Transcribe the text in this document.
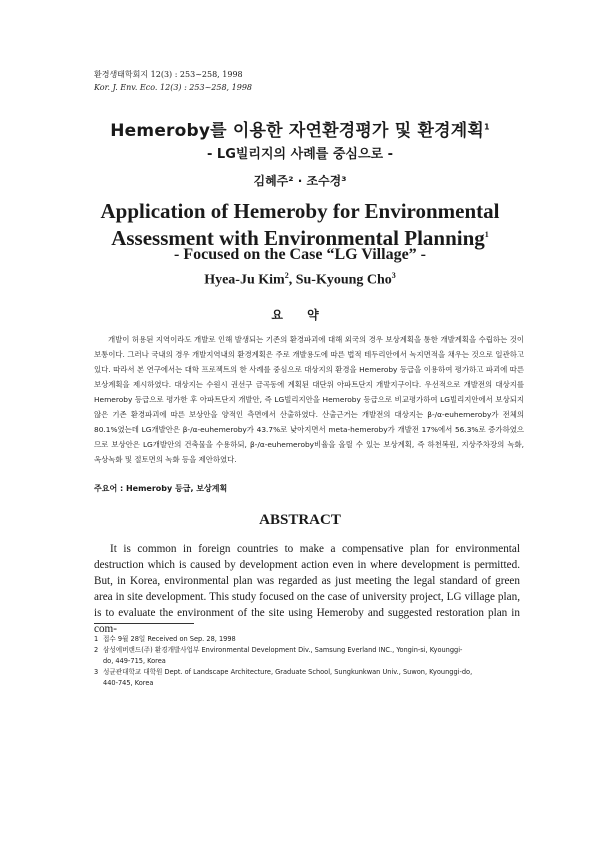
환경생태학회지 12(3) : 253~258, 1998
Kor. J. Env. Eco. 12(3) : 253~258, 1998
Hemeroby를 이용한 자연환경평가 및 환경계획$^1$
- LG빌리지의 사례를 중심으로 -
김혜주² · 조수경³
Application of Hemeroby for Environmental
Assessment with Environmental Planning$^1$
- Focused on the Case “LG Village” -
Hyea-Ju Kim$^2$, Su-Kyoung Cho$^3$
요 약
개발이 허용된 지역이라도 개발로 인해 발생되는 기존의 환경파괴에 대해 외국의 경우 보상계획을 통한 개발계획을 수립하는 것이 보통이다. 그러나 국내의 경우 개발지역내의 환경계획은 주로 개발용도에 따른 법적 테두리안에서 녹지면적을 채우는 것으로 일관하고 있다. 따라서 본 연구에서는 대학 프로젝트의 한 사례를 중심으로 대상지의 환경을 Hemeroby 등급을 이용하여 평가하고 파괴에 따른 보상계획을 제시하였다. 대상지는 수원시 권선구 금곡동에 계획된 대단위 아파트단지 개발지구이다. 우선적으로 개발전의 대상지를 Hemeroby 등급으로 평가한 후 아파트단지 개발안, 즉 LG빌리지안을 Hemeroby 등급으로 비교평가하여 LG빌리지안에서 보상되지 않은 기존 환경파괴에 따른 보상안을 양적인 측면에서 산출하였다. 산출근거는 개발전의 대상지는 β-/α-euhemeroby가 전체의 80.1%였는데 LG개발안은 β-/α-euhemeroby가 43.7%로 낮아지면서 meta-hemeroby가 개발전 17%에서 56.3%로 증가하였으므로 보상안은 LG개발안의 건축물을 수용하되, β-/α-euhemeroby비율을 올릴 수 있는 보상계획, 즉 하천복원, 지상주차장의 녹화, 옥상녹화 및 절토면의 녹화 등을 제안하였다.
주요어 : Hemeroby 등급, 보상계획
ABSTRACT
It is common in foreign countries to make a compensative plan for environmental destruction which is caused by development action even in where development is permitted. But, in Korea, environmental plan was regarded as just meeting the legal standard of green area in site development. This study focused on the case of university project, LG village plan, is to evaluate the environment of the site using Hemeroby and suggested restoration plan in com-
1 접수 9월 28일 Received on Sep. 28, 1998
2 삼성에버랜드(주) 환경개발사업부 Environmental Development Div., Samsung Everland INC., Yongin-si, Kyounggi-
do, 449-715, Korea
3 성균관대학교 대학원 Dept. of Landscape Architecture, Graduate School, Sungkunkwan Univ., Suwon, Kyounggi-do,
440-745, Korea
